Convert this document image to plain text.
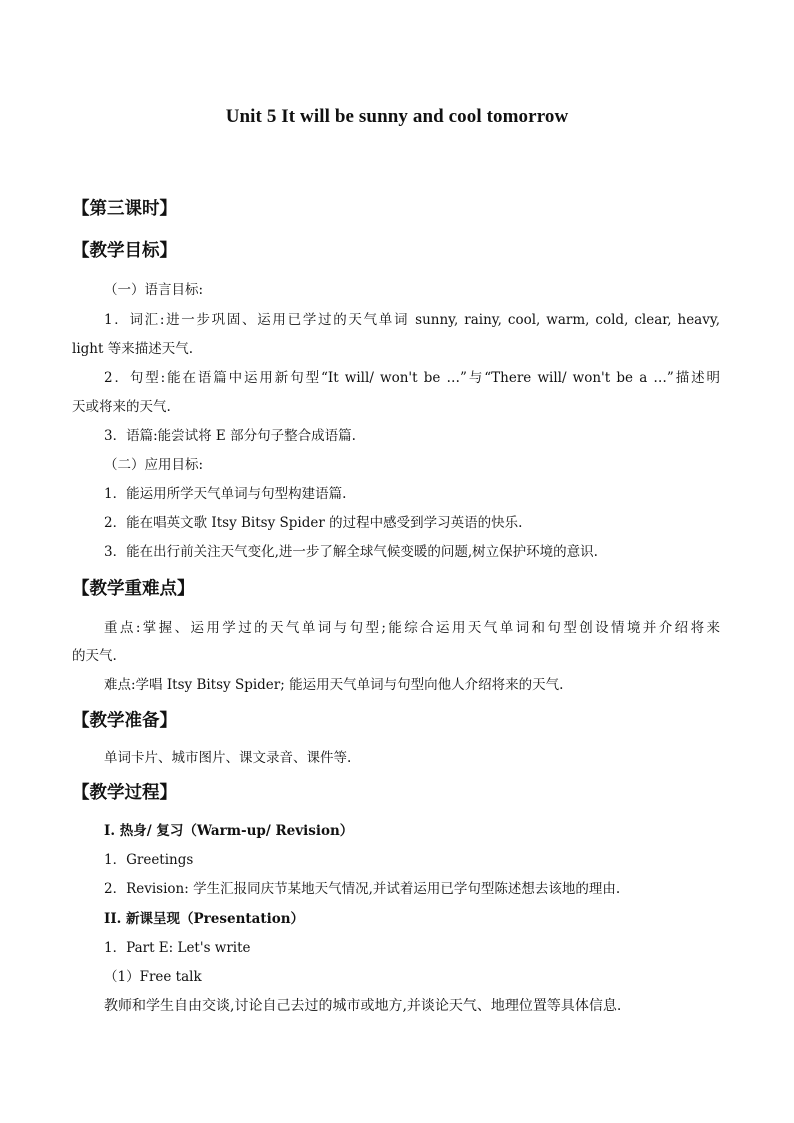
Unit 5 It will be sunny and cool tomorrow
【第三课时】
【教学目标】
（一）语言目标:
1．词汇:进一步巩固、运用已学过的天气单词 sunny, rainy, cool, warm, cold, clear, heavy,
light 等来描述天气.
2．句型:能在语篇中运用新句型“It will/ won't be …”与“There will/ won't be a …”描述明
天或将来的天气.
3．语篇:能尝试将 E 部分句子整合成语篇.
（二）应用目标:
1．能运用所学天气单词与句型构建语篇.
2．能在唱英文歌 Itsy Bitsy Spider 的过程中感受到学习英语的快乐.
3．能在出行前关注天气变化,进一步了解全球气候变暖的问题,树立保护环境的意识.
【教学重难点】
重点:掌握、运用学过的天气单词与句型;能综合运用天气单词和句型创设情境并介绍将来
的天气.
难点:学唱 Itsy Bitsy Spider; 能运用天气单词与句型向他人介绍将来的天气.
【教学准备】
单词卡片、城市图片、课文录音、课件等.
【教学过程】
I. 热身/ 复习（Warm-up/ Revision）
1．Greetings
2．Revision: 学生汇报同庆节某地天气情况,并试着运用已学句型陈述想去该地的理由.
II. 新课呈现（Presentation）
1．Part E: Let's write
（1）Free talk
教师和学生自由交谈,讨论自己去过的城市或地方,并谈论天气、地理位置等具体信息.
